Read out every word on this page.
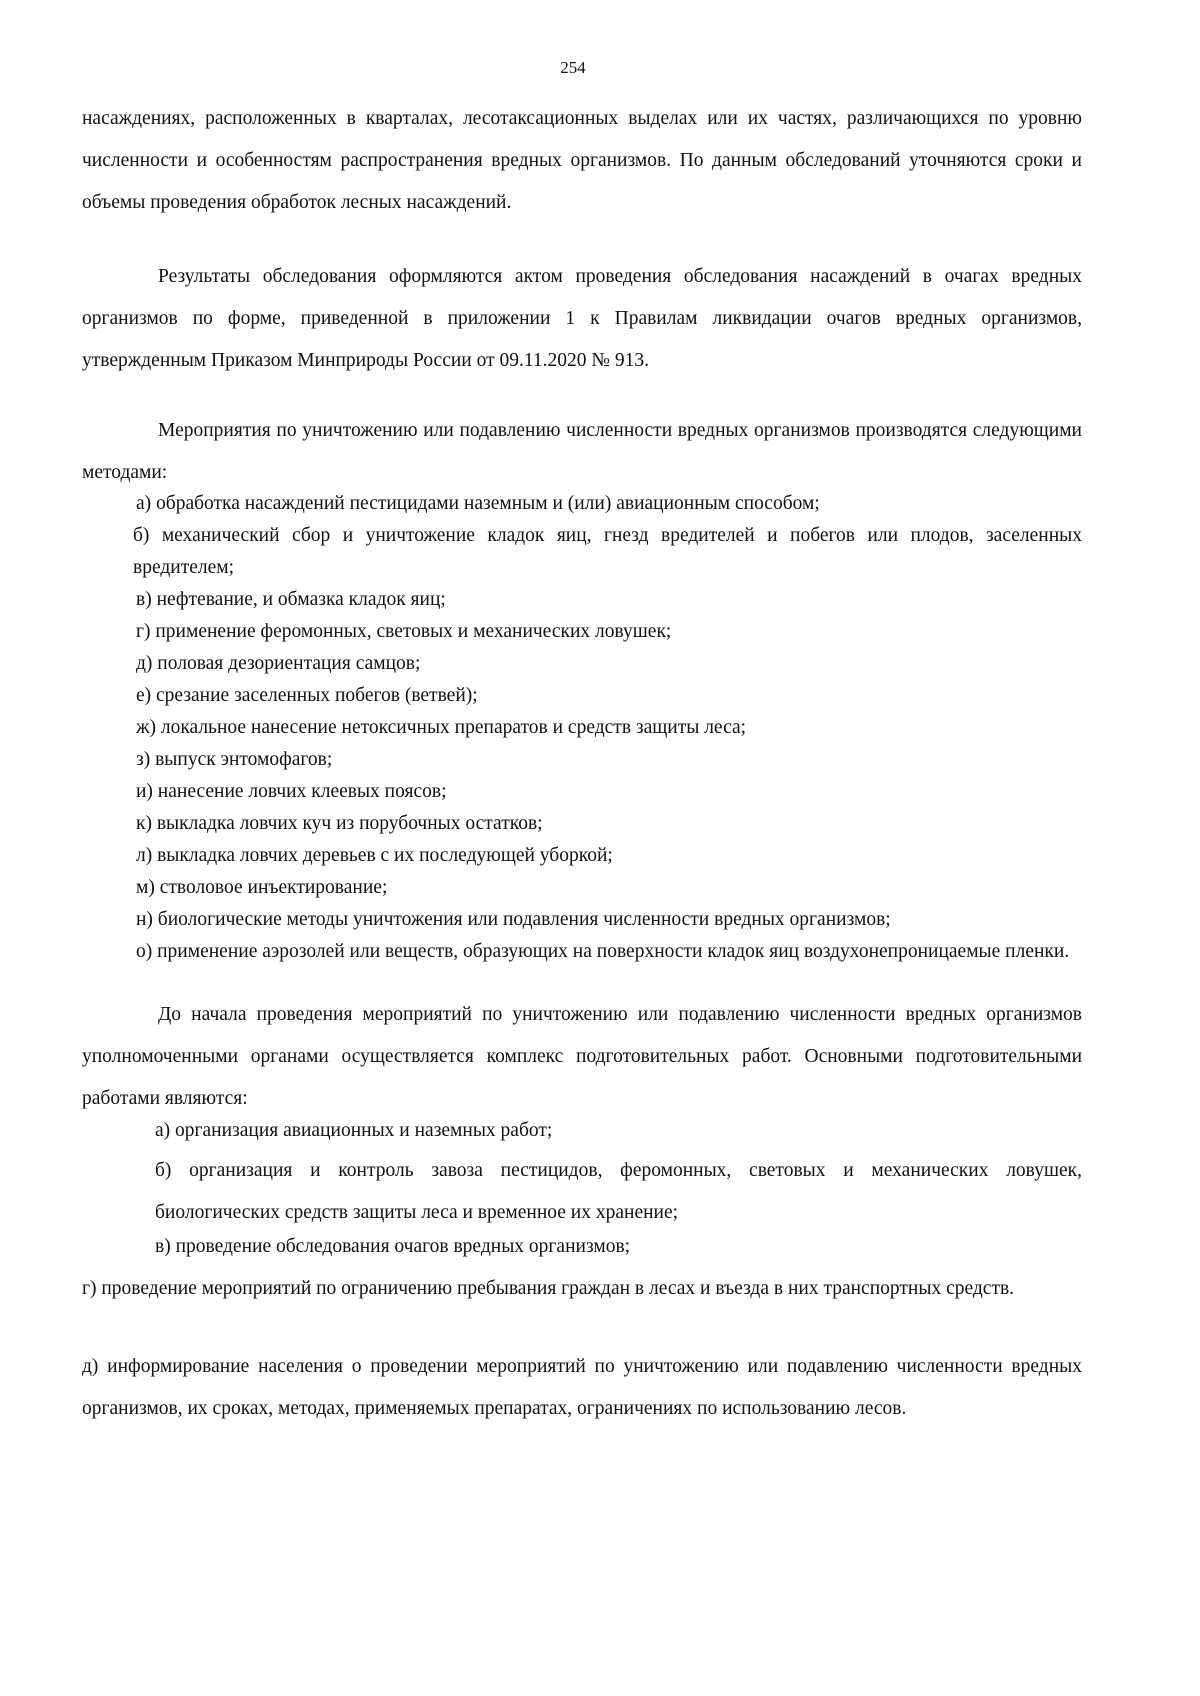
254

насаждениях, расположенных в кварталах, лесотаксационных выделах или их частях, различающихся по уровню численности и особенностям распространения вредных организмов. По данным обследований уточняются сроки и объемы проведения обработок лесных насаждений.

Результаты обследования оформляются актом проведения обследования насаждений в очагах вредных организмов по форме, приведенной в приложении 1 к Правилам ликвидации очагов вредных организмов, утвержденным Приказом Минприроды России от 09.11.2020 № 913.

Мероприятия по уничтожению или подавлению численности вредных организмов производятся следующими методами:

а) обработка насаждений пестицидами наземным и (или) авиационным способом;
б) механический сбор и уничтожение кладок яиц, гнезд вредителей и побегов или плодов, заселенных вредителем;
в) нефтевание, и обмазка кладок яиц;
г) применение феромонных, световых и механических ловушек;
д) половая дезориентация самцов;
е) срезание заселенных побегов (ветвей);
ж) локальное нанесение нетоксичных препаратов и средств защиты леса;
з) выпуск энтомофагов;
и) нанесение ловчих клеевых поясов;
к) выкладка ловчих куч из порубочных остатков;
л) выкладка ловчих деревьев с их последующей уборкой;
м) стволовое инъектирование;
н) биологические методы уничтожения или подавления численности вредных организмов;
о) применение аэрозолей или веществ, образующих на поверхности кладок яиц воздухонепроницаемые пленки.

До начала проведения мероприятий по уничтожению или подавлению численности вредных организмов уполномоченными органами осуществляется комплекс подготовительных работ. Основными подготовительными работами являются:

а) организация авиационных и наземных работ;

б) организация и контроль завоза пестицидов, феромонных, световых и механических ловушек, биологических средств защиты леса и временное их хранение;

в) проведение обследования очагов вредных организмов;

г) проведение мероприятий по ограничению пребывания граждан в лесах и въезда в них транспортных средств.

д) информирование населения о проведении мероприятий по уничтожению или подавлению численности вредных организмов, их сроках, методах, применяемых препаратах, ограничениях по использованию лесов.
